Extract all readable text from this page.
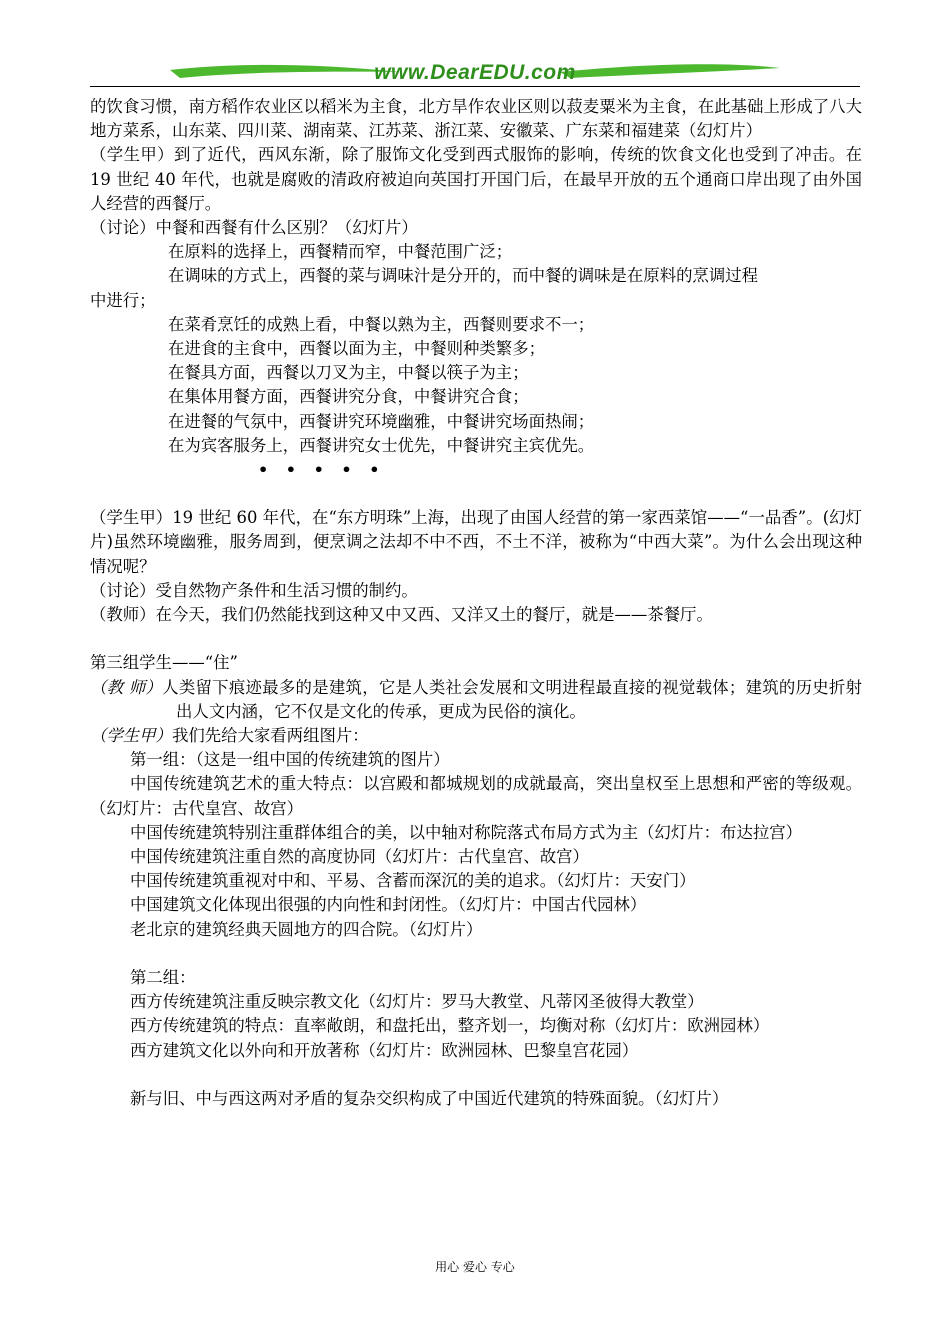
www.DearEDU.com

的饮食习惯，南方稻作农业区以稻米为主食，北方旱作农业区则以菽麦粟米为主食，在此基础上形成了八大地方菜系，山东菜、四川菜、湖南菜、江苏菜、浙江菜、安徽菜、广东菜和福建菜（幻灯片）

（学生甲）到了近代，西风东渐，除了服饰文化受到西式服饰的影响，传统的饮食文化也受到了冲击。在 19 世纪 40 年代，也就是腐败的清政府被迫向英国打开国门后，在最早开放的五个通商口岸出现了由外国人经营的西餐厅。

（讨论）中餐和西餐有什么区别？（幻灯片）

在原料的选择上，西餐精而窄，中餐范围广泛；

在调味的方式上，西餐的菜与调味汁是分开的，而中餐的调味是在原料的烹调过程

中进行；

在菜肴烹饪的成熟上看，中餐以熟为主，西餐则要求不一；

在进食的主食中，西餐以面为主，中餐则种类繁多；

在餐具方面，西餐以刀叉为主，中餐以筷子为主；

在集体用餐方面，西餐讲究分食，中餐讲究合食；

在进餐的气氛中，西餐讲究环境幽雅，中餐讲究场面热闹；

在为宾客服务上，西餐讲究女士优先，中餐讲究主宾优先。

• • • • •

（学生甲）19 世纪 60 年代，在“东方明珠”上海，出现了由国人经营的第一家西菜馆——“一品香”。(幻灯片)虽然环境幽雅，服务周到，便烹调之法却不中不西，不土不洋，被称为“中西大菜”。为什么会出现这种情况呢？

（讨论）受自然物产条件和生活习惯的制约。

（教师）在今天，我们仍然能找到这种又中又西、又洋又土的餐厅，就是——茶餐厅。

第三组学生——“住”

（教 师）人类留下痕迹最多的是建筑，它是人类社会发展和文明进程最直接的视觉载体；建筑的历史折射出人文内涵，它不仅是文化的传承，更成为民俗的演化。

（学生甲）我们先给大家看两组图片：

第一组：（这是一组中国的传统建筑的图片）

中国传统建筑艺术的重大特点：以宫殿和都城规划的成就最高，突出皇权至上思想和严密的等级观。（幻灯片：古代皇宫、故宫）

中国传统建筑特别注重群体组合的美，以中轴对称院落式布局方式为主（幻灯片：布达拉宫）

中国传统建筑注重自然的高度协同（幻灯片：古代皇宫、故宫）

中国传统建筑重视对中和、平易、含蓄而深沉的美的追求。（幻灯片：天安门）

中国建筑文化体现出很强的内向性和封闭性。（幻灯片：中国古代园林）

老北京的建筑经典天圆地方的四合院。（幻灯片）

第二组：

西方传统建筑注重反映宗教文化（幻灯片：罗马大教堂、凡蒂冈圣彼得大教堂）

西方传统建筑的特点：直率敞朗，和盘托出，整齐划一，均衡对称（幻灯片：欧洲园林）

西方建筑文化以外向和开放著称（幻灯片：欧洲园林、巴黎皇宫花园）

新与旧、中与西这两对矛盾的复杂交织构成了中国近代建筑的特殊面貌。（幻灯片）

用心 爱心 专心
